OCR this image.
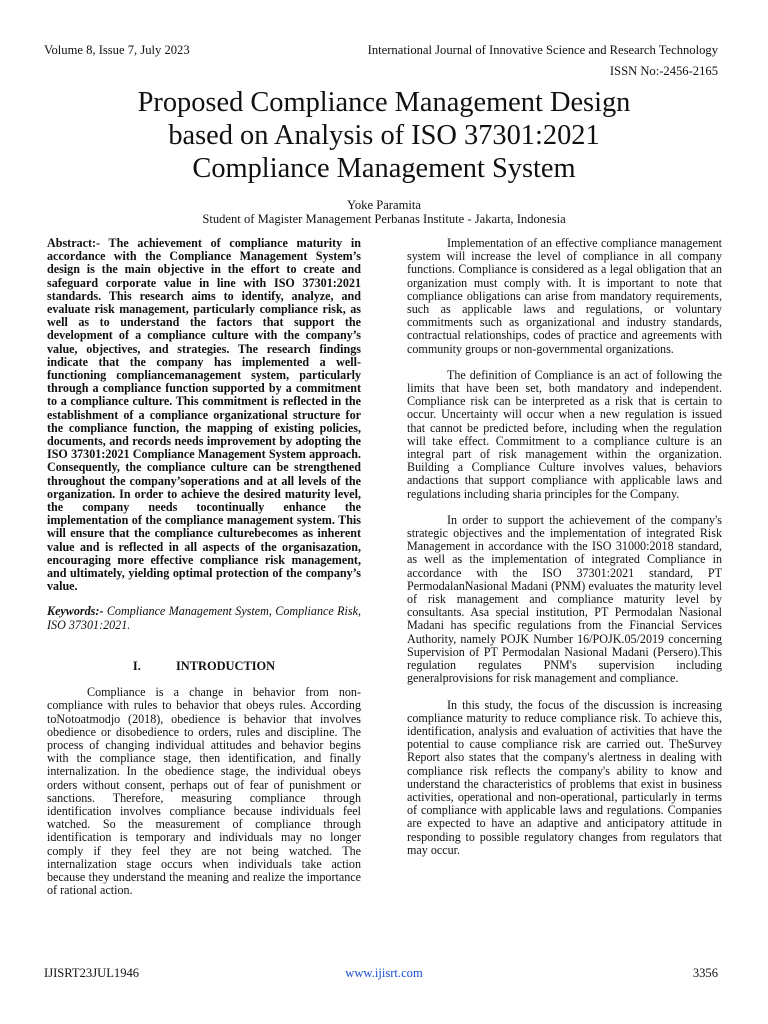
Volume 8, Issue 7, July 2023	International Journal of Innovative Science and Research Technology
ISSN No:-2456-2165
Proposed Compliance Management Design
based on Analysis of ISO 37301:2021
Compliance Management System
Yoke Paramita
Student of Magister Management Perbanas Institute - Jakarta, Indonesia

Abstract:- The achievement of compliance maturity in accordance with the Compliance Management System’s design is the main objective in the effort to create and safeguard corporate value in line with ISO 37301:2021 standards. This research aims to identify, analyze, and evaluate risk management, particularly compliance risk, as well as to understand the factors that support the development of a compliance culture with the company’s value, objectives, and strategies. The research findings indicate that the company has implemented a well-functioning compliancemanagement system, particularly through a compliance function supported by a commitment to a compliance culture. This commitment is reflected in the establishment of a compliance organizational structure for the compliance function, the mapping of existing policies, documents, and records needs improvement by adopting the ISO 37301:2021 Compliance Management System approach. Consequently, the compliance culture can be strengthened throughout the company’soperations and at all levels of the organization. In order to achieve the desired maturity level, the company needs tocontinually enhance the implementation of the compliance management system. This will ensure that the compliance culturebecomes as inherent value and is reflected in all aspects of the organisazation, encouraging more effective compliance risk management, and ultimately, yielding optimal protection of the company’s value.

Keywords:- Compliance Management System, Compliance Risk, ISO 37301:2021.

I.	INTRODUCTION

Compliance is a change in behavior from non-compliance with rules to behavior that obeys rules. According toNotoatmodjo (2018), obedience is behavior that involves obedience or disobedience to orders, rules and discipline. The process of changing individual attitudes and behavior begins with the compliance stage, then identification, and finally internalization. In the obedience stage, the individual obeys orders without consent, perhaps out of fear of punishment or sanctions. Therefore, measuring compliance through identification involves compliance because individuals feel watched. So the measurement of compliance through identification is temporary and individuals may no longer comply if they feel they are not being watched. The internalization stage occurs when individuals take action because they understand the meaning and realize the importance of rational action.

Implementation of an effective compliance management system will increase the level of compliance in all company functions. Compliance is considered as a legal obligation that an organization must comply with. It is important to note that compliance obligations can arise from mandatory requirements, such as applicable laws and regulations, or voluntary commitments such as organizational and industry standards, contractual relationships, codes of practice and agreements with community groups or non-governmental organizations.

The definition of Compliance is an act of following the limits that have been set, both mandatory and independent. Compliance risk can be interpreted as a risk that is certain to occur. Uncertainty will occur when a new regulation is issued that cannot be predicted before, including when the regulation will take effect. Commitment to a compliance culture is an integral part of risk management within the organization. Building a Compliance Culture involves values, behaviors andactions that support compliance with applicable laws and regulations including sharia principles for the Company.

In order to support the achievement of the company's strategic objectives and the implementation of integrated Risk Management in accordance with the ISO 31000:2018 standard, as well as the implementation of integrated Compliance in accordance with the ISO 37301:2021 standard, PT PermodalanNasional Madani (PNM) evaluates the maturity level of risk management and compliance maturity level by consultants. Asa special institution, PT Permodalan Nasional Madani has specific regulations from the Financial Services Authority, namely POJK Number 16/POJK.05/2019 concerning Supervision of PT Permodalan Nasional Madani (Persero).This regulation regulates PNM's supervision including generalprovisions for risk management and compliance.

In this study, the focus of the discussion is increasing compliance maturity to reduce compliance risk. To achieve this, identification, analysis and evaluation of activities that have the potential to cause compliance risk are carried out. TheSurvey Report also states that the company's alertness in dealing with compliance risk reflects the company's ability to know and understand the characteristics of problems that exist in business activities, operational and non-operational, particularly in terms of compliance with applicable laws and regulations. Companies are expected to have an adaptive and anticipatory attitude in responding to possible regulatory changes from regulators that may occur.

IJISRT23JUL1946	www.ijisrt.com	3356
